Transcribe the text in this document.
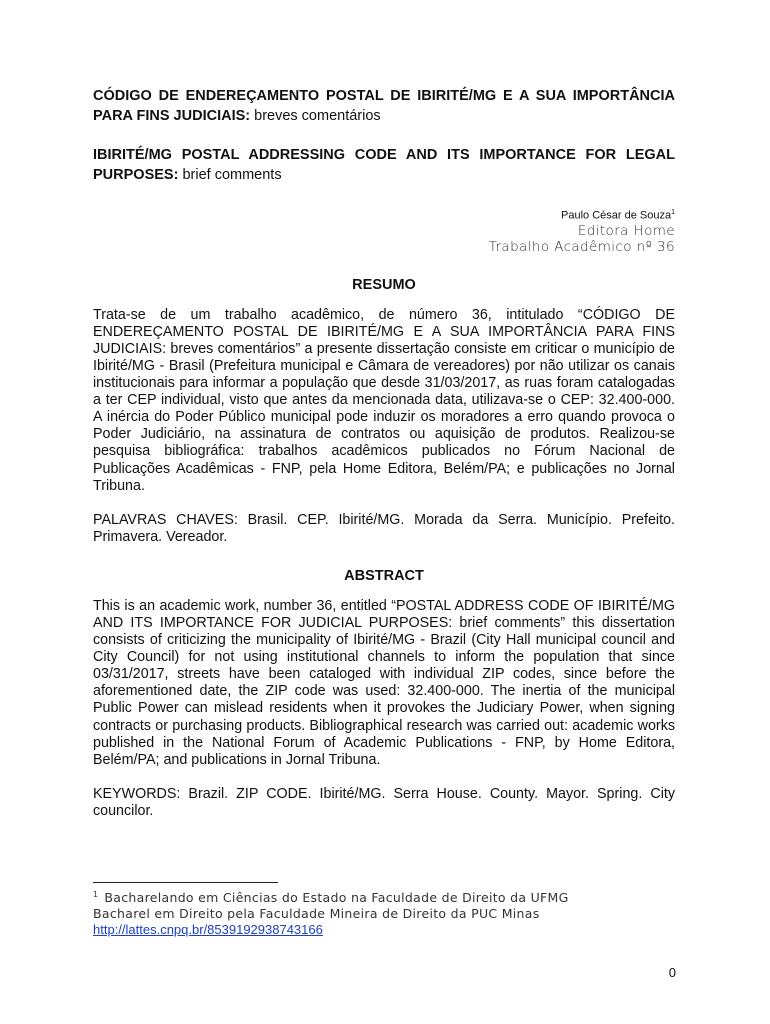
CÓDIGO DE ENDEREÇAMENTO POSTAL DE IBIRITÉ/MG E A SUA IMPORTÂNCIA PARA FINS JUDICIAIS: breves comentários

IBIRITÉ/MG POSTAL ADDRESSING CODE AND ITS IMPORTANCE FOR LEGAL PURPOSES: brief comments

Paulo César de Souza$^1$
Editora Home
Trabalho Acadêmico nº 36
RESUMO

Trata-se de um trabalho acadêmico, de número 36, intitulado “CÓDIGO DE ENDEREÇAMENTO POSTAL DE IBIRITÉ/MG E A SUA IMPORTÂNCIA PARA FINS JUDICIAIS: breves comentários” a presente dissertação consiste em criticar o município de Ibirité/MG - Brasil (Prefeitura municipal e Câmara de vereadores) por não utilizar os canais institucionais para informar a população que desde 31/03/2017, as ruas foram catalogadas a ter CEP individual, visto que antes da mencionada data, utilizava-se o CEP: 32.400-000. A inércia do Poder Público municipal pode induzir os moradores a erro quando provoca o Poder Judiciário, na assinatura de contratos ou aquisição de produtos. Realizou-se pesquisa bibliográfica: trabalhos acadêmicos publicados no Fórum Nacional de Publicações Acadêmicas - FNP, pela Home Editora, Belém/PA; e publicações no Jornal Tribuna.

PALAVRAS CHAVES: Brasil. CEP. Ibirité/MG. Morada da Serra. Município. Prefeito. Primavera. Vereador.

ABSTRACT

This is an academic work, number 36, entitled “POSTAL ADDRESS CODE OF IBIRITÉ/MG AND ITS IMPORTANCE FOR JUDICIAL PURPOSES: brief comments” this dissertation consists of criticizing the municipality of Ibirité/MG - Brazil (City Hall municipal council and City Council) for not using institutional channels to inform the population that since 03/31/2017, streets have been cataloged with individual ZIP codes, since before the aforementioned date, the ZIP code was used: 32.400-000. The inertia of the municipal Public Power can mislead residents when it provokes the Judiciary Power, when signing contracts or purchasing products. Bibliographical research was carried out: academic works published in the National Forum of Academic Publications - FNP, by Home Editora, Belém/PA; and publications in Jornal Tribuna.

KEYWORDS: Brazil. ZIP CODE. Ibirité/MG. Serra House. County. Mayor. Spring. City councilor.

$^1$ Bacharelando em Ciências do Estado na Faculdade de Direito da UFMG
Bacharel em Direito pela Faculdade Mineira de Direito da PUC Minas
http://lattes.cnpq.br/8539192938743166
0
